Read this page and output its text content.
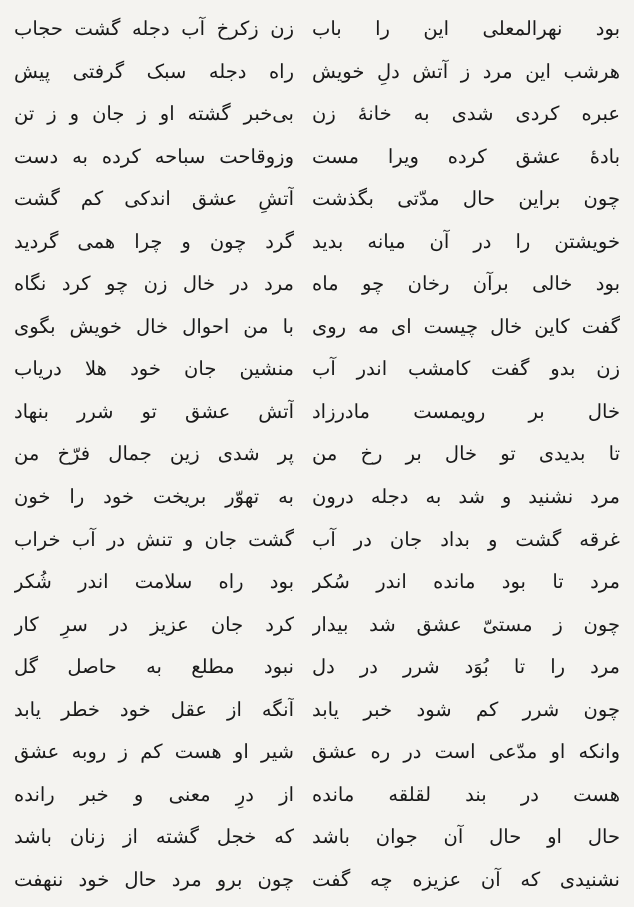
زن زکرخ آب دجله گشت حجاب
راه دجله سبک گرفتی پیش
بی‌خبر گشته او ز جان و ز تن
وزوقاحت سباحه کرده به دست
آتشِ عشق اندکی کم گشت
گرد چون و چرا همی گردید
مرد در خال زن چو کرد نگاه
با من احوال خال خویش بگوی
منشین جان خود هلا دریاب
آتش عشق تو شرر بنهاد
پر شدی زین جمال فرّخ من
به تهوّر بریخت خود را خون
گشت جان و تنش در آب خراب
بود راه سلامت اندر شُکر
کرد جان عزیز در سرِ کار
نبود مطلع به حاصل گل
آنگه از عقل خود خطر یابد
شیر او هست کم ز روبه عشق
از درِ معنی و خبر رانده
که خجل گشته از زنان باشد
چون برو مرد حال خود ننهفت
بود نهرالمعلی این را باب
هرشب این مرد ز آتش دلِ خویش
عبره کردی شدی به خانهٔ زن
بادهٔ عشق کرده ویرا مست
چون براین حال مدّتی بگذشت
خویشتن را در آن میانه بدید
بود خالی برآن رخان چو ماه
گفت کاین خال چیست ای مه روی
زن بدو گفت کامشب اندر آب
خال بر رویمست مادرزاد
تا بدیدی تو خال بر رخ من
مرد نشنید و شد به دجله درون
غرقه گشت و بداد جان در آب
مرد تا بود مانده اندر سُکر
چون ز مستیّ عشق شد بیدار
مرد را تا بُوَد شرر در دل
چون شرر کم شود خبر یابد
وانکه او مدّعی است در ره عشق
هست در بند لقلقه مانده
حال او حال آن جوان باشد
نشنیدی که آن عزیزه چه گفت
